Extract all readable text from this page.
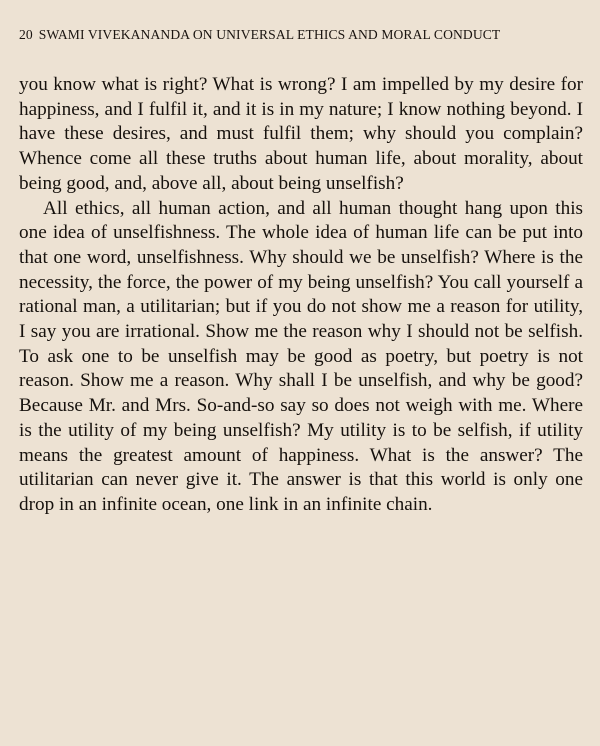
20 SWAMI VIVEKANANDA ON UNIVERSAL ETHICS AND MORAL CONDUCT

you know what is right? What is wrong? I am impelled by my desire for happiness, and I fulfil it, and it is in my nature; I know nothing beyond. I have these desires, and must fulfil them; why should you complain? Whence come all these truths about human life, about morality, about being good, and, above all, about being unselfish?

All ethics, all human action, and all human thought hang upon this one idea of unselfishness. The whole idea of human life can be put into that one word, unselfishness. Why should we be unselfish? Where is the necessity, the force, the power of my being unselfish? You call yourself a rational man, a utilitarian; but if you do not show me a reason for utility, I say you are irrational. Show me the reason why I should not be selfish. To ask one to be unselfish may be good as poetry, but poetry is not reason. Show me a reason. Why shall I be unselfish, and why be good? Because Mr. and Mrs. So-and-so say so does not weigh with me. Where is the utility of my being unselfish? My utility is to be selfish, if utility means the greatest amount of happiness. What is the answer? The utilitarian can never give it. The answer is that this world is only one drop in an infinite ocean, one link in an infinite chain.
